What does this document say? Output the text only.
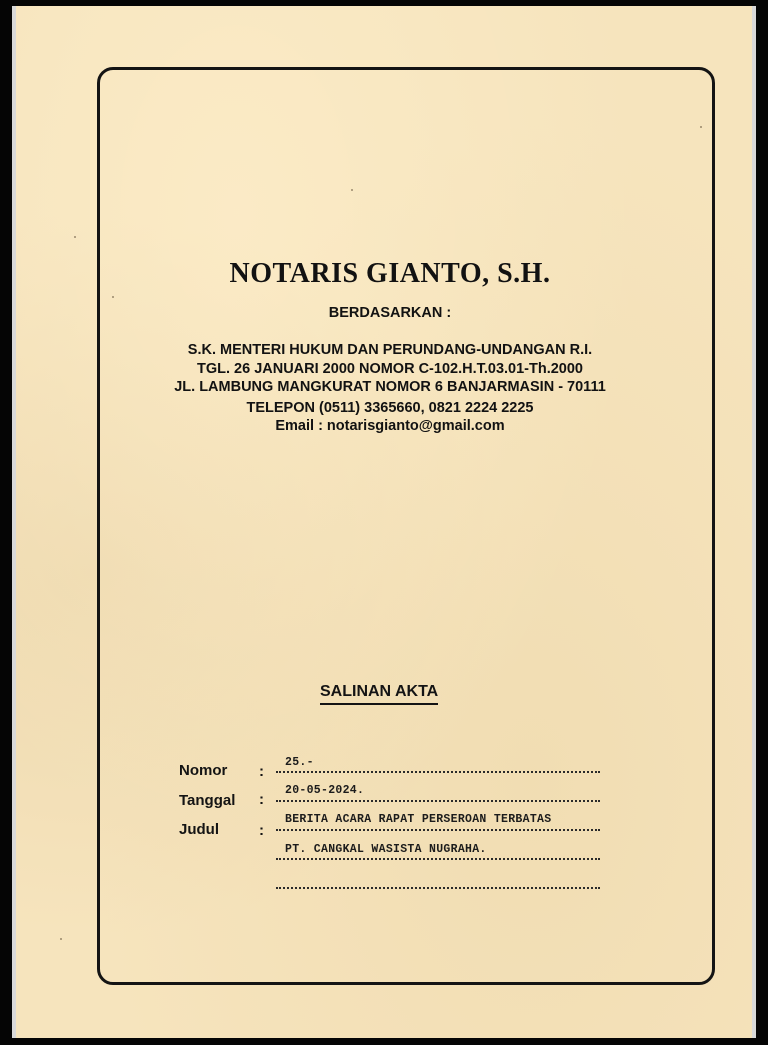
NOTARIS GIANTO, S.H.
BERDASARKAN :
S.K. MENTERI HUKUM DAN PERUNDANG-UNDANGAN R.I.
TGL. 26 JANUARI 2000 NOMOR C-102.H.T.03.01-Th.2000
JL. LAMBUNG MANGKURAT NOMOR 6 BANJARMASIN - 70111
TELEPON (0511) 3365660, 0821 2224 2225
Email : notarisgianto@gmail.com
SALINAN AKTA
Nomor :
25.-
Tanggal :
20-05-2024.
Judul	:
BERITA ACARA RAPAT PERSEROAN TERBATAS
PT. CANGKAL WASISTA NUGRAHA.
